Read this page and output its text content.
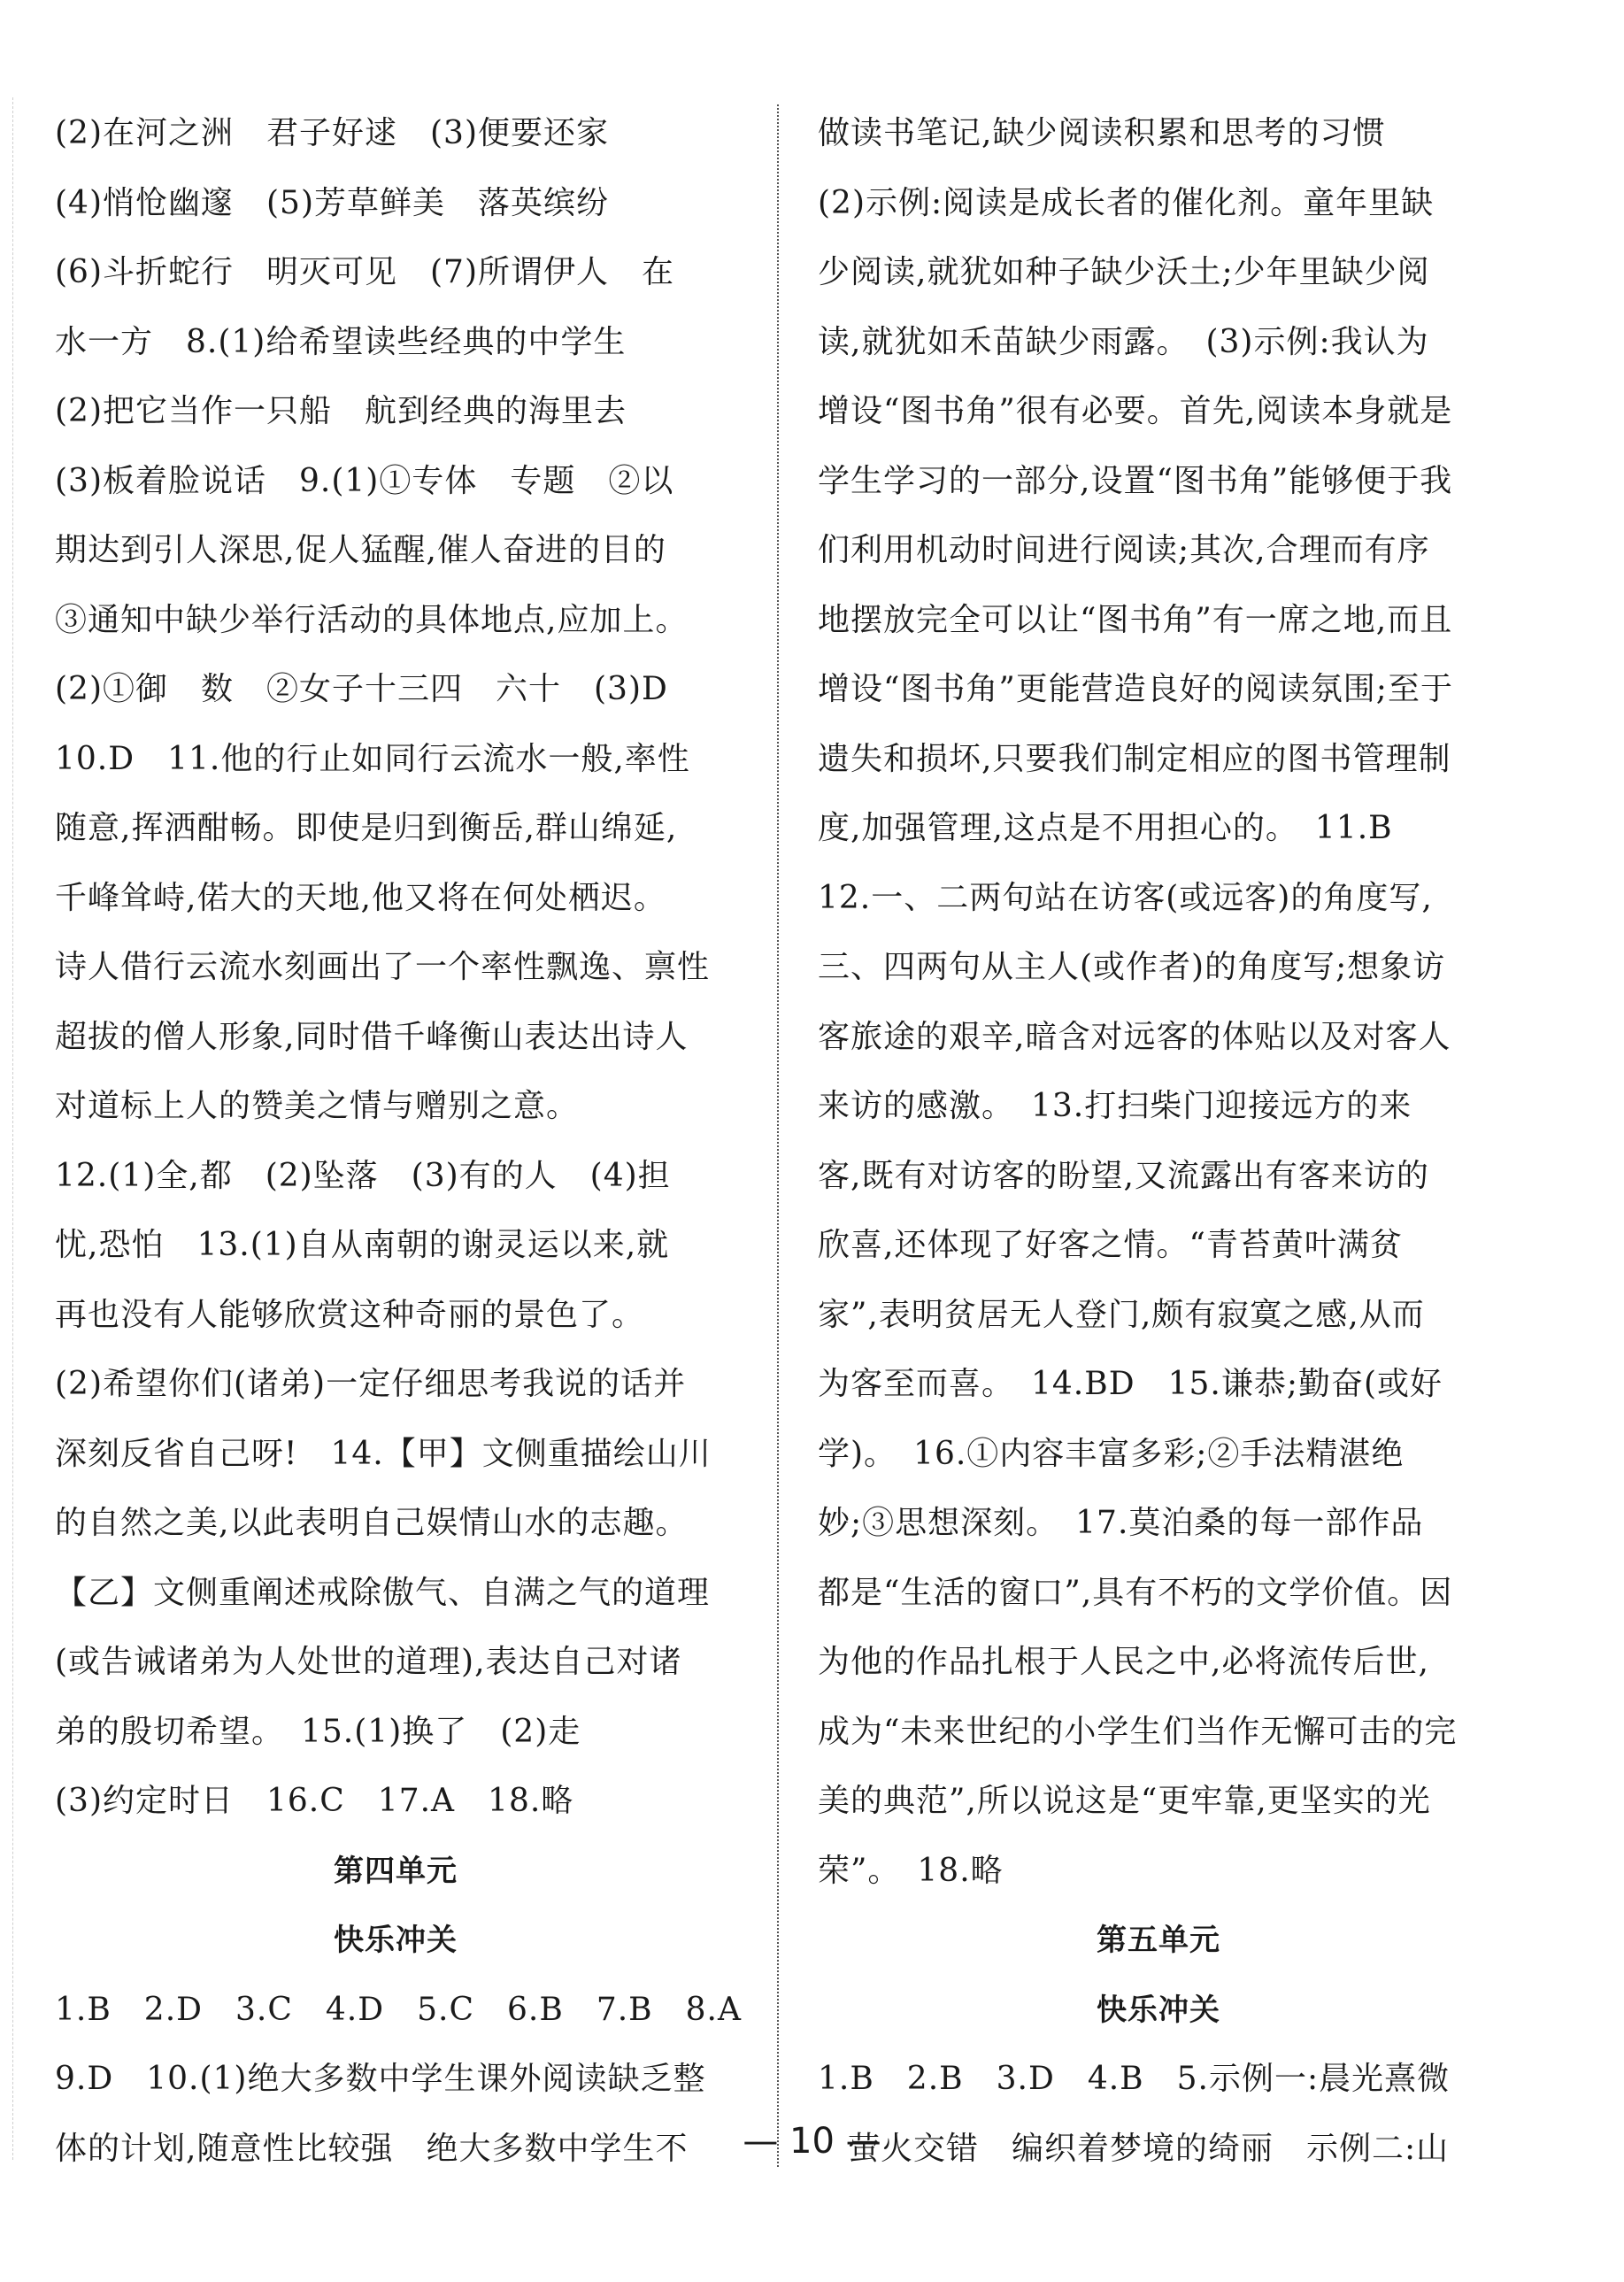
(2)在河之洲　君子好逑　(3)便要还家
(4)悄怆幽邃　(5)芳草鲜美　落英缤纷
(6)斗折蛇行　明灭可见　(7)所谓伊人　在
水一方　8.(1)给希望读些经典的中学生
(2)把它当作一只船　航到经典的海里去
(3)板着脸说话　9.(1)①专体　专题　②以
期达到引人深思,促人猛醒,催人奋进的目的
③通知中缺少举行活动的具体地点,应加上。
(2)①御　数　②女子十三四　六十　(3)D
10.D　11.他的行止如同行云流水一般,率性
随意,挥洒酣畅。即使是归到衡岳,群山绵延,
千峰耸峙,偌大的天地,他又将在何处栖迟。
诗人借行云流水刻画出了一个率性飘逸、禀性
超拔的僧人形象,同时借千峰衡山表达出诗人
对道标上人的赞美之情与赠别之意。
12.(1)全,都　(2)坠落　(3)有的人　(4)担
忧,恐怕　13.(1)自从南朝的谢灵运以来,就
再也没有人能够欣赏这种奇丽的景色了。
(2)希望你们(诸弟)一定仔细思考我说的话并
深刻反省自己呀!　14.【甲】文侧重描绘山川
的自然之美,以此表明自己娱情山水的志趣。
【乙】文侧重阐述戒除傲气、自满之气的道理
(或告诫诸弟为人处世的道理),表达自己对诸
弟的殷切希望。　15.(1)换了　(2)走
(3)约定时日　16.C　17.A　18.略
第四单元
快乐冲关
1.B　2.D　3.C　4.D　5.C　6.B　7.B　8.A
9.D　10.(1)绝大多数中学生课外阅读缺乏整
体的计划,随意性比较强　绝大多数中学生不
做读书笔记,缺少阅读积累和思考的习惯
(2)示例:阅读是成长者的催化剂。童年里缺
少阅读,就犹如种子缺少沃土;少年里缺少阅
读,就犹如禾苗缺少雨露。　(3)示例:我认为
增设“图书角”很有必要。首先,阅读本身就是
学生学习的一部分,设置“图书角”能够便于我
们利用机动时间进行阅读;其次,合理而有序
地摆放完全可以让“图书角”有一席之地,而且
增设“图书角”更能营造良好的阅读氛围;至于
遗失和损坏,只要我们制定相应的图书管理制
度,加强管理,这点是不用担心的。　11.B
12.一、二两句站在访客(或远客)的角度写,
三、四两句从主人(或作者)的角度写;想象访
客旅途的艰辛,暗含对远客的体贴以及对客人
来访的感激。　13.打扫柴门迎接远方的来
客,既有对访客的盼望,又流露出有客来访的
欣喜,还体现了好客之情。“青苔黄叶满贫
家”,表明贫居无人登门,颇有寂寞之感,从而
为客至而喜。　14.BD　15.谦恭;勤奋(或好
学)。　16.①内容丰富多彩;②手法精湛绝
妙;③思想深刻。　17.莫泊桑的每一部作品
都是“生活的窗口”,具有不朽的文学价值。因
为他的作品扎根于人民之中,必将流传后世,
成为“未来世纪的小学生们当作无懈可击的完
美的典范”,所以说这是“更牢靠,更坚实的光
荣”。　18.略
第五单元
快乐冲关
1.B　2.B　3.D　4.B　5.示例一:晨光熹微
萤火交错　编织着梦境的绮丽　示例二:山
— 10 —
